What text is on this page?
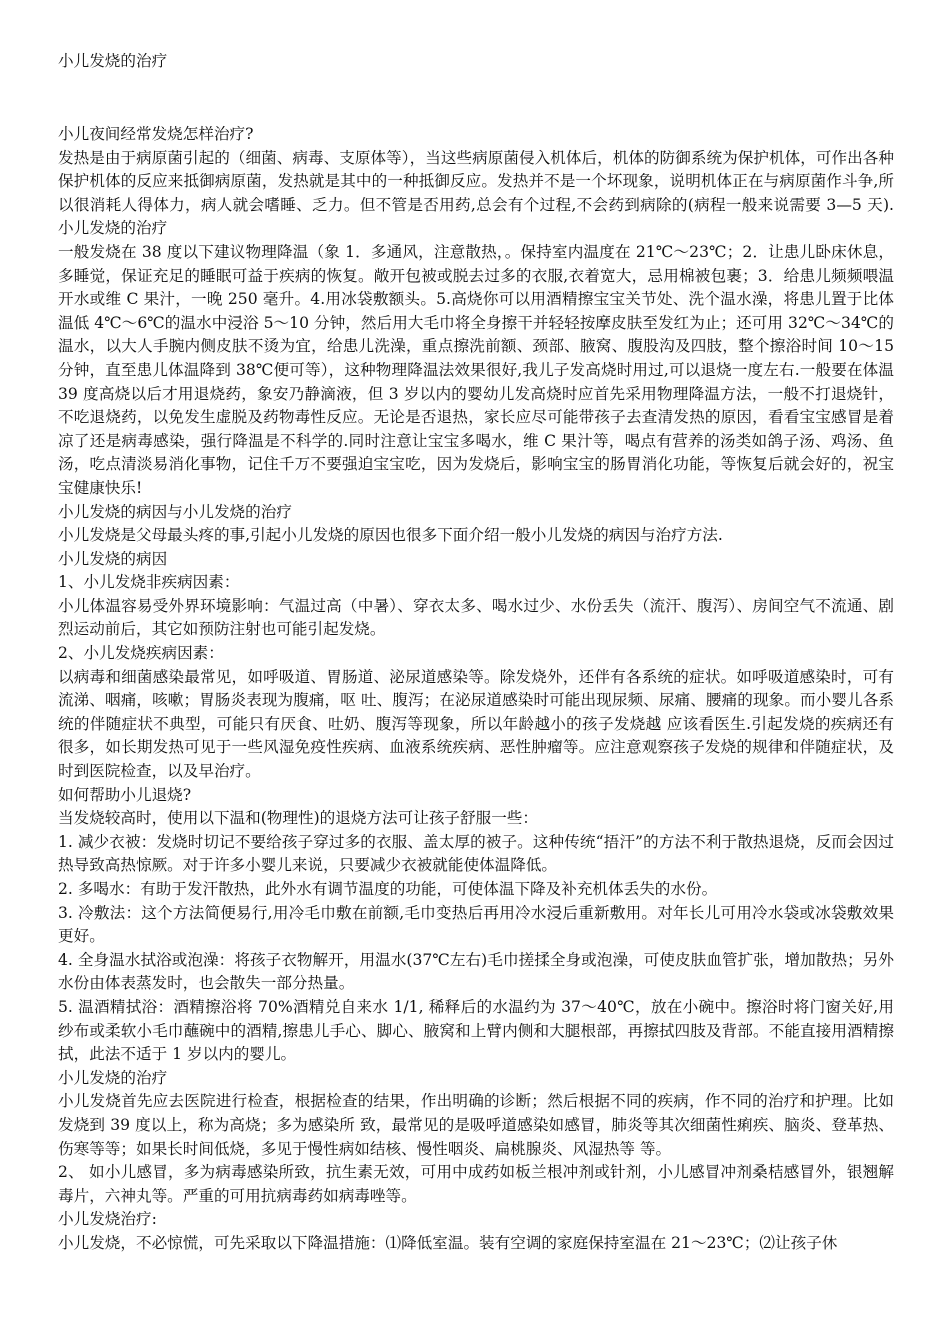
小儿发烧的治疗

小儿夜间经常发烧怎样治疗?

发热是由于病原菌引起的（细菌、病毒、支原体等），当这些病原菌侵入机体后，机体的防御系统为保护机体，可作出各种保护机体的反应来抵御病原菌，发热就是其中的一种抵御反应。发热并不是一个坏现象，说明机体正在与病原菌作斗争,所以很消耗人得体力，病人就会嗜睡、乏力。但不管是否用药,总会有个过程,不会药到病除的(病程一般来说需要 3—5 天).小儿发烧的治疗

一般发烧在 38 度以下建议物理降温（象 1．多通风，注意散热，。保持室内温度在 21℃～23℃；2．让患儿卧床休息，多睡觉，保证充足的睡眠可益于疾病的恢复。敞开包被或脱去过多的衣服,衣着宽大，忌用棉被包裹；3．给患儿频频喂温开水或维 C 果汁，一晚 250 毫升。4.用冰袋敷额头。5.高烧你可以用酒精擦宝宝关节处、洗个温水澡，将患儿置于比体温低 4℃～6℃的温水中浸浴 5～10 分钟，然后用大毛巾将全身擦干并轻轻按摩皮肤至发红为止；还可用 32℃～34℃的温水，以大人手腕内侧皮肤不烫为宜，给患儿洗澡，重点擦洗前额、颈部、腋窝、腹股沟及四肢，整个擦浴时间 10～15 分钟，直至患儿体温降到 38℃便可等），这种物理降温法效果很好,我儿子发高烧时用过,可以退烧一度左右.一般要在体温 39 度高烧以后才用退烧药，象安乃静滴液，但 3 岁以内的婴幼儿发高烧时应首先采用物理降温方法，一般不打退烧针，不吃退烧药，以免发生虚脱及药物毒性反应。无论是否退热，家长应尽可能带孩子去查清发热的原因，看看宝宝感冒是着凉了还是病毒感染，强行降温是不科学的.同时注意让宝宝多喝水，维 C 果汁等，喝点有营养的汤类如鸽子汤、鸡汤、鱼汤，吃点清淡易消化事物，记住千万不要强迫宝宝吃，因为发烧后，影响宝宝的肠胃消化功能，等恢复后就会好的，祝宝宝健康快乐!

小儿发烧的病因与小儿发烧的治疗

小儿发烧是父母最头疼的事,引起小儿发烧的原因也很多下面介绍一般小儿发烧的病因与治疗方法.

小儿发烧的病因

1、小儿发烧非疾病因素：

小儿体温容易受外界环境影响：气温过高（中暑）、穿衣太多、喝水过少、水份丢失（流汗、腹泻）、房间空气不流通、剧烈运动前后，其它如预防注射也可能引起发烧。

2、小儿发烧疾病因素：

以病毒和细菌感染最常见，如呼吸道、胃肠道、泌尿道感染等。除发烧外，还伴有各系统的症状。如呼吸道感染时，可有流涕、咽痛，咳嗽；胃肠炎表现为腹痛，呕 吐、腹泻；在泌尿道感染时可能出现尿频、尿痛、腰痛的现象。而小婴儿各系统的伴随症状不典型，可能只有厌食、吐奶、腹泻等现象，所以年龄越小的孩子发烧越 应该看医生.引起发烧的疾病还有很多，如长期发热可见于一些风湿免疫性疾病、血液系统疾病、恶性肿瘤等。应注意观察孩子发烧的规律和伴随症状，及时到医院检查，以及早治疗。

如何帮助小儿退烧?

当发烧较高时，使用以下温和(物理性)的退烧方法可让孩子舒服一些：

1. 减少衣被：发烧时切记不要给孩子穿过多的衣服、盖太厚的被子。这种传统“捂汗”的方法不利于散热退烧，反而会因过热导致高热惊厥。对于许多小婴儿来说，只要减少衣被就能使体温降低。

2. 多喝水：有助于发汗散热，此外水有调节温度的功能，可使体温下降及补充机体丢失的水份。

3. 冷敷法：这个方法简便易行,用冷毛巾敷在前额,毛巾变热后再用冷水浸后重新敷用。对年长儿可用冷水袋或冰袋敷效果更好。

4. 全身温水拭浴或泡澡：将孩子衣物解开，用温水(37℃左右)毛巾搓揉全身或泡澡，可使皮肤血管扩张，增加散热；另外水份由体表蒸发时，也会散失一部分热量。

5. 温酒精拭浴：酒精擦浴将 70%酒精兑自来水 1/1, 稀释后的水温约为 37～40℃，放在小碗中。擦浴时将门窗关好,用纱布或柔软小毛巾蘸碗中的酒精,擦患儿手心、脚心、腋窝和上臂内侧和大腿根部，再擦拭四肢及背部。不能直接用酒精擦拭，此法不适于 1 岁以内的婴儿。

小儿发烧的治疗

小儿发烧首先应去医院进行检查，根据检查的结果，作出明确的诊断；然后根据不同的疾病，作不同的治疗和护理。比如发烧到 39 度以上，称为高烧；多为感染所 致，最常见的是吸呼道感染如感冒，肺炎等其次细菌性痢疾、脑炎、登革热、伤寒等等；如果长时间低烧，多见于慢性病如结核、慢性咽炎、扁桃腺炎、风湿热等 等。

2、 如小儿感冒，多为病毒感染所致，抗生素无效，可用中成药如板兰根冲剂或针剂，小儿感冒冲剂桑桔感冒外，银翘解毒片，六神丸等。严重的可用抗病毒药如病毒唑等。

小儿发烧治疗:

小儿发烧，不必惊慌，可先采取以下降温措施：⑴降低室温。装有空调的家庭保持室温在 21～23℃；⑵让孩子休
